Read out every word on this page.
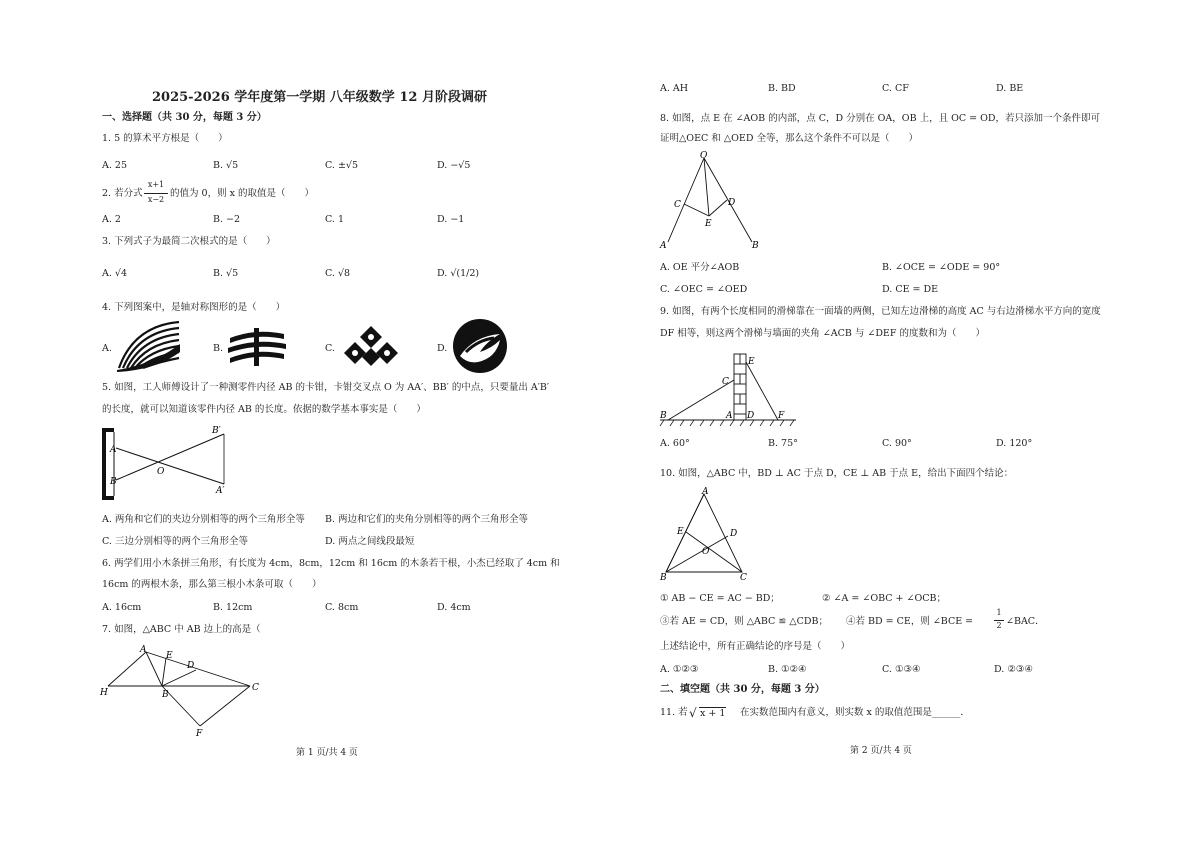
2025-2026 学年度第一学期 八年级数学 12 月阶段调研
一、选择题（共 30 分，每题 3 分）
1. 5 的算术平方根是（　　）
A. 25	B. √5	C. ±√5	D. −√5
2. 若分式
x+1
x−2
的值为 0，则 x 的取值是（　　）
A. 2	B. −2	C. 1	D. −1
3. 下列式子为最简二次根式的是（　　）
A. √4	B. √5	C. √8	D. √(1/2)
4. 下列图案中，是轴对称图形的是（　　）
A.	B.	C.	D.
5. 如图，工人师傅设计了一种测零件内径 AB 的卡钳，卡钳交叉点 O 为 AA′、BB′ 的中点，只要量出 A′B′
的长度，就可以知道该零件内径 AB 的长度。依据的数学基本事实是（　　）
B′
A′
A
B
O
A. 两角和它们的夹边分别相等的两个三角形全等 B. 两边和它们的夹角分别相等的两个三角形全等
C. 三边分别相等的两个三角形全等	D. 两点之间线段最短
6. 两学们用小木条拼三角形，有长度为 4cm，8cm，12cm 和 16cm 的木条若干根，小杰已经取了 4cm 和
16cm 的两根木条，那么第三根小木条可取（　　）
A. 16cm	B. 12cm	C. 8cm	D. 4cm
7. 如图，△ABC 中 AB 边上的高是（
A
E
D
H	B
C
F
第 1 页/共 4 页
A. AH	B. BD	C. CF	D. BE
8. 如图，点 E 在 ∠AOB 的内部，点 C，D 分别在 OA，OB 上，且 OC = OD，若只添加一个条件即可
证明△OEC 和 △OED 全等，那么这个条件不可以是（　　）
O
C	D
E
A	B
A. OE 平分∠AOB	B. ∠OCE = ∠ODE = 90°
C. ∠OEC = ∠OED	D. CE = DE
9. 如图，有两个长度相同的滑梯靠在一面墙的两侧，已知左边滑梯的高度 AC 与右边滑梯水平方向的宽度
DF 相等，则这两个滑梯与墙面的夹角 ∠ACB 与 ∠DEF 的度数和为（　　）
E
C
B	A D	F
A. 60°	B. 75°	C. 90°	D. 120°
10. 如图，△ABC 中，BD ⊥ AC 于点 D，CE ⊥ AB 于点 E，给出下面四个结论：
A
E	D
O
B	C
① AB − CE = AC − BD；	② ∠A = ∠OBC + ∠OCB；
③若 AE = CD，则 △ABC ≌ △CDB； ④若 BD = CE，则 ∠BCE =
1
2 ∠BAC．
上述结论中，所有正确结论的序号是（　　）
A. ①②③	B. ①②④	C. ①③④	D. ②③④
二、填空题（共 30 分，每题 3 分）
11. 若 √ x + 1 在实数范围内有意义，则实数 x 的取值范围是______．
第 2 页/共 4 页
